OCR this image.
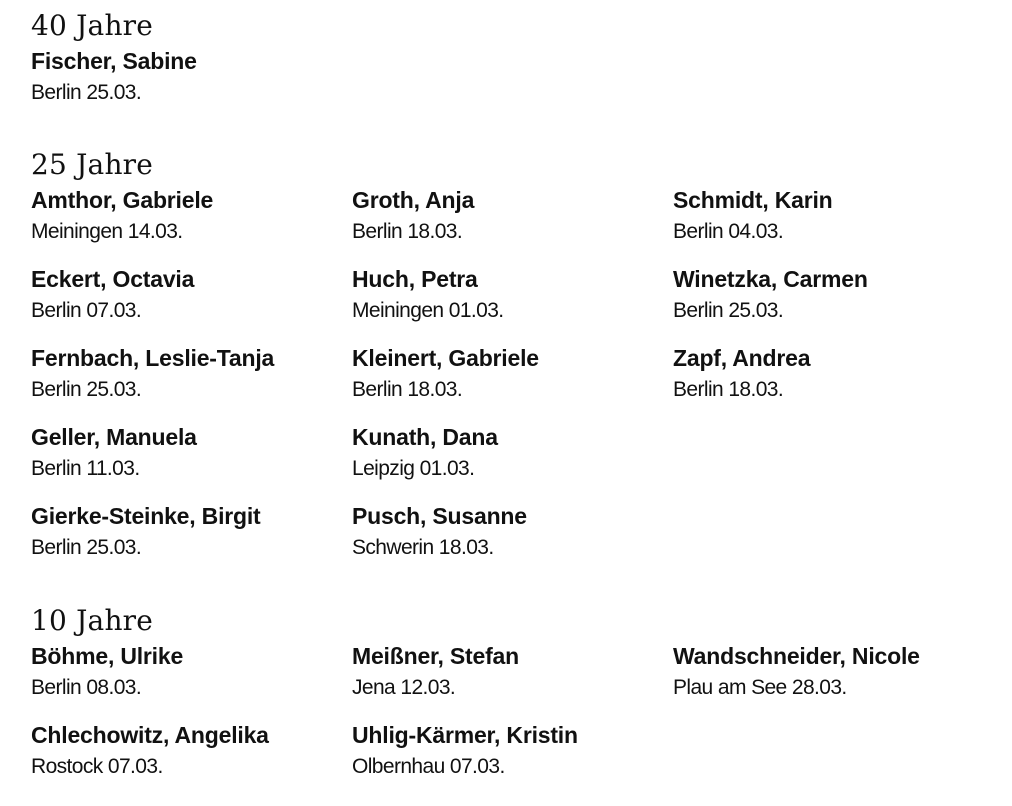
40 Jahre
Fischer, Sabine
Berlin 25.03.
25 Jahre
Amthor, Gabriele
Meiningen 14.03.
Eckert, Octavia
Berlin 07.03.
Fernbach, Leslie-Tanja
Berlin 25.03.
Geller, Manuela
Berlin 11.03.
Gierke-Steinke, Birgit
Berlin 25.03.
Groth, Anja
Berlin 18.03.
Huch, Petra
Meiningen 01.03.
Kleinert, Gabriele
Berlin 18.03.
Kunath, Dana
Leipzig 01.03.
Pusch, Susanne
Schwerin 18.03.
Schmidt, Karin
Berlin 04.03.
Winetzka, Carmen
Berlin 25.03.
Zapf, Andrea
Berlin 18.03.
10 Jahre
Böhme, Ulrike
Berlin 08.03.
Chlechowitz, Angelika
Rostock 07.03.
Meißner, Stefan
Jena 12.03.
Uhlig-Kärmer, Kristin
Olbernhau 07.03.
Wandschneider, Nicole
Plau am See 28.03.
